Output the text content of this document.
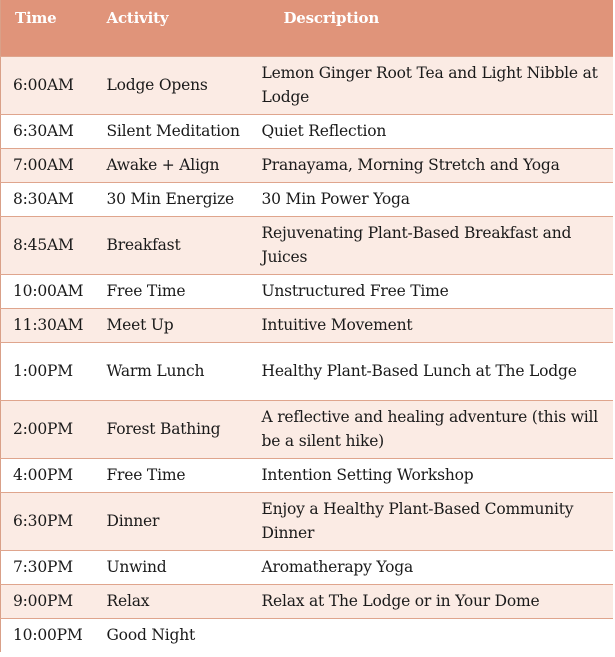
Time	Activity	Description
6:00AM	Lodge Opens	Lemon Ginger Root Tea and Light Nibble at Lodge
6:30AM	Silent Meditation	Quiet Reflection
7:00AM	Awake + Align	Pranayama, Morning Stretch and Yoga
8:30AM	30 Min Energize	30 Min Power Yoga
8:45AM	Breakfast	Rejuvenating Plant-Based Breakfast and Juices
10:00AM	Free Time	Unstructured Free Time
11:30AM	Meet Up	Intuitive Movement
1:00PM	Warm Lunch	Healthy Plant-Based Lunch at The Lodge
2:00PM	Forest Bathing	A reflective and healing adventure (this will be a silent hike)
4:00PM	Free Time	Intention Setting Workshop
6:30PM	Dinner	Enjoy a Healthy Plant-Based Community Dinner
7:30PM	Unwind	Aromatherapy Yoga
9:00PM	Relax	Relax at The Lodge or in Your Dome
10:00PM	Good Night	
